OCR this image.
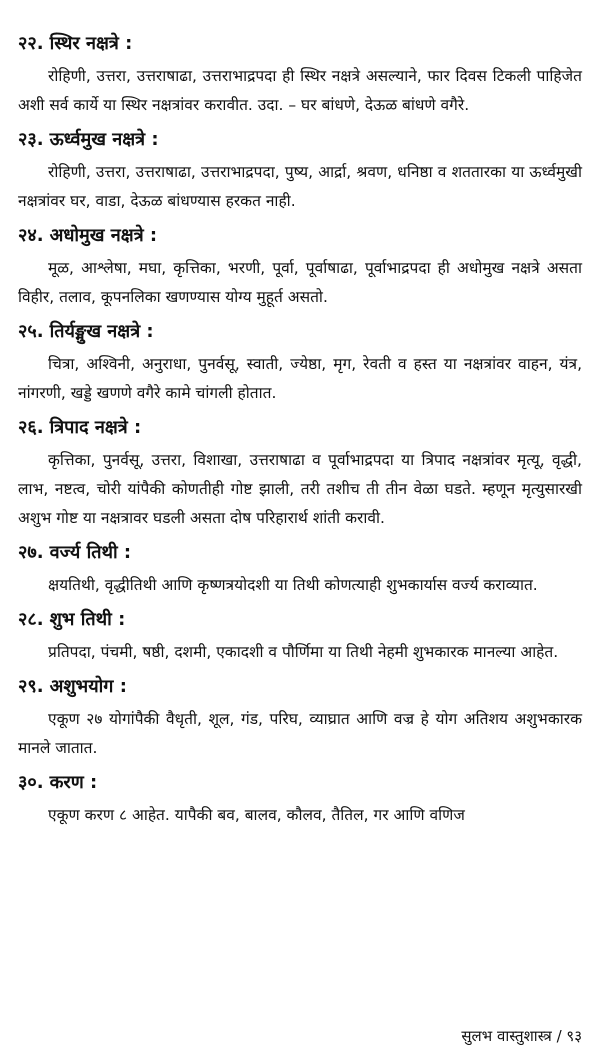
२२. स्थिर नक्षत्रे :

रोहिणी, उत्तरा, उत्तराषाढा, उत्तराभाद्रपदा ही स्थिर नक्षत्रे असल्याने, फार दिवस टिकली पाहिजेत अशी सर्व कार्ये या स्थिर नक्षत्रांवर करावीत. उदा. – घर बांधणे, देऊळ बांधणे वगैरे.

२३. ऊर्ध्वमुख नक्षत्रे :

रोहिणी, उत्तरा, उत्तराषाढा, उत्तराभाद्रपदा, पुष्य, आर्द्रा, श्रवण, धनिष्ठा व शततारका या ऊर्ध्वमुखी नक्षत्रांवर घर, वाडा, देऊळ बांधण्यास हरकत नाही.

२४. अधोमुख नक्षत्रे :

मूळ, आश्लेषा, मघा, कृत्तिका, भरणी, पूर्वा, पूर्वाषाढा, पूर्वाभाद्रपदा ही अधोमुख नक्षत्रे असता विहीर, तलाव, कूपनलिका खणण्यास योग्य मुहूर्त असतो.

२५. तिर्यङ्मुख नक्षत्रे :

चित्रा, अश्विनी, अनुराधा, पुनर्वसू, स्वाती, ज्येष्ठा, मृग, रेवती व हस्त या नक्षत्रांवर वाहन, यंत्र, नांगरणी, खड्डे खणणे वगैरे कामे चांगली होतात.

२६. त्रिपाद नक्षत्रे :

कृत्तिका, पुनर्वसू, उत्तरा, विशाखा, उत्तराषाढा व पूर्वाभाद्रपदा या त्रिपाद नक्षत्रांवर मृत्यू, वृद्धी, लाभ, नष्टत्व, चोरी यांपैकी कोणतीही गोष्ट झाली, तरी तशीच ती तीन वेळा घडते. म्हणून मृत्युसारखी अशुभ गोष्ट या नक्षत्रावर घडली असता दोष परिहारार्थ शांती करावी.

२७. वर्ज्य तिथी :

क्षयतिथी, वृद्धीतिथी आणि कृष्णत्रयोदशी या तिथी कोणत्याही शुभकार्यास वर्ज्य कराव्यात.

२८. शुभ तिथी :

प्रतिपदा, पंचमी, षष्ठी, दशमी, एकादशी व पौर्णिमा या तिथी नेहमी शुभकारक मानल्या आहेत.

२९. अशुभयोग :

एकूण २७ योगांपैकी वैधृती, शूल, गंड, परिघ, व्याघ्रात आणि वज्र हे योग अतिशय अशुभकारक मानले जातात.

३०. करण :

एकूण करण ८ आहेत. यापैकी बव, बालव, कौलव, तैतिल, गर आणि वणिज

सुलभ वास्तुशास्त्र / ९३
